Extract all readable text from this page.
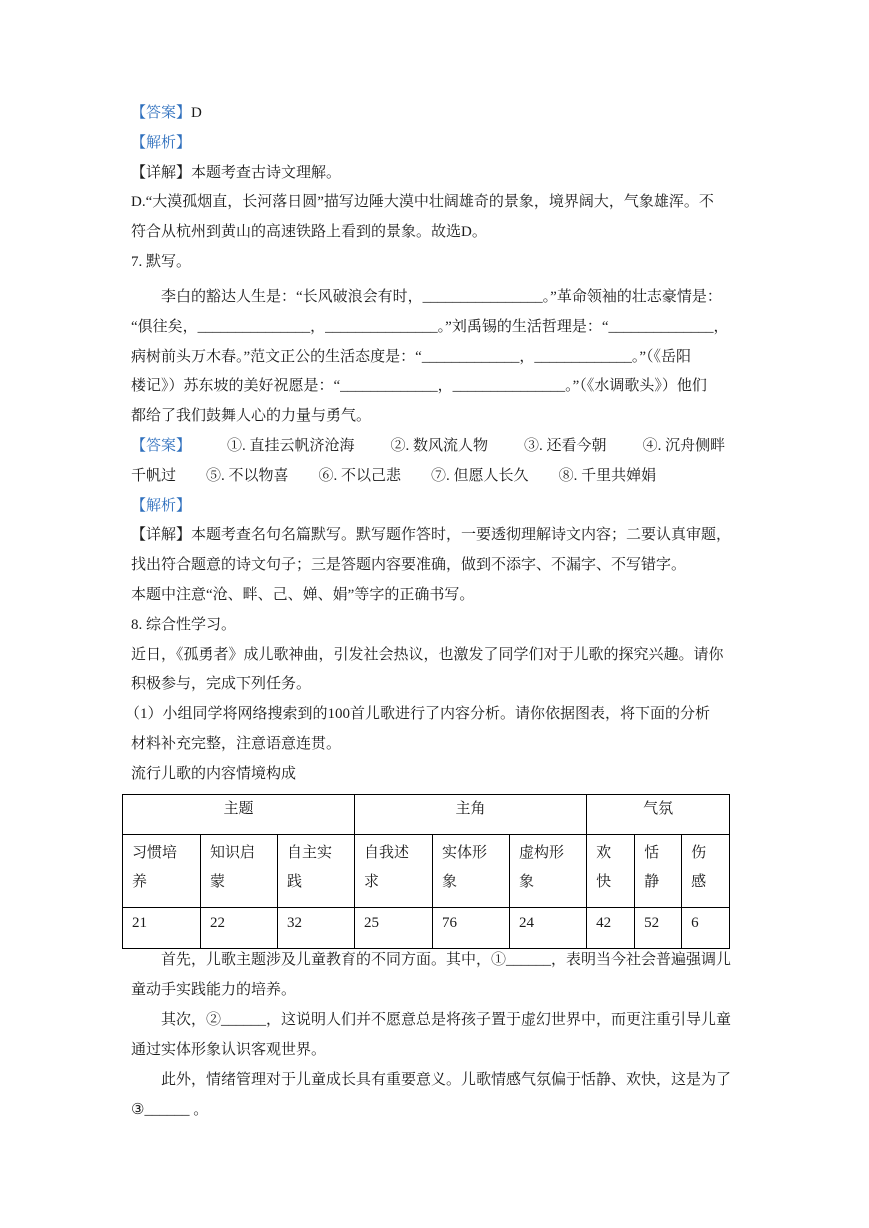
【答案】D
【解析】
【详解】本题考查古诗文理解。
D.“大漠孤烟直，长河落日圆”描写边陲大漠中壮阔雄奇的景象，境界阔大，气象雄浑。不
符合从杭州到黄山的高速铁路上看到的景象。故选D。
7. 默写。
李白的豁达人生是：“长风破浪会有时，________________。”革命领袖的壮志豪情是：
“俱往矣，_______________，_______________。”刘禹锡的生活哲理是：“______________，
病树前头万木春。”范文正公的生活态度是：“_____________，_____________。”（《岳阳
楼记》）苏东坡的美好祝愿是：“_____________，_______________。”（《水调歌头》）他们
都给了我们鼓舞人心的力量与勇气。
【答案】 ①. 直挂云帆济沧海 ②. 数风流人物 ③. 还看今朝 ④. 沉舟侧畔
千帆过 ⑤. 不以物喜 ⑥. 不以己悲 ⑦. 但愿人长久 ⑧. 千里共婵娟
【解析】
【详解】本题考查名句名篇默写。默写题作答时，一要透彻理解诗文内容；二要认真审题，
找出符合题意的诗文句子；三是答题内容要准确，做到不添字、不漏字、不写错字。
本题中注意“沧、畔、己、婵、娟”等字的正确书写。
8. 综合性学习。
近日，《孤勇者》成儿歌神曲，引发社会热议，也激发了同学们对于儿歌的探究兴趣。请你
积极参与，完成下列任务。
（1）小组同学将网络搜索到的100首儿歌进行了内容分析。请你依据图表，将下面的分析
材料补充完整，注意语意连贯。
流行儿歌的内容情境构成
主题			主角			气氛		

习惯培养	知识启蒙	自主实践	自我述求	实体形象	虚构形象	欢快	恬静	伤感

21	22	32	25	76	24	42	52	6
首先，儿歌主题涉及儿童教育的不同方面。其中，①______，表明当今社会普遍强调儿
童动手实践能力的培养。
其次，②______，这说明人们并不愿意总是将孩子置于虚幻世界中，而更注重引导儿童
通过实体形象认识客观世界。
此外，情绪管理对于儿童成长具有重要意义。儿歌情感气氛偏于恬静、欢快，这是为了
③______ 。
